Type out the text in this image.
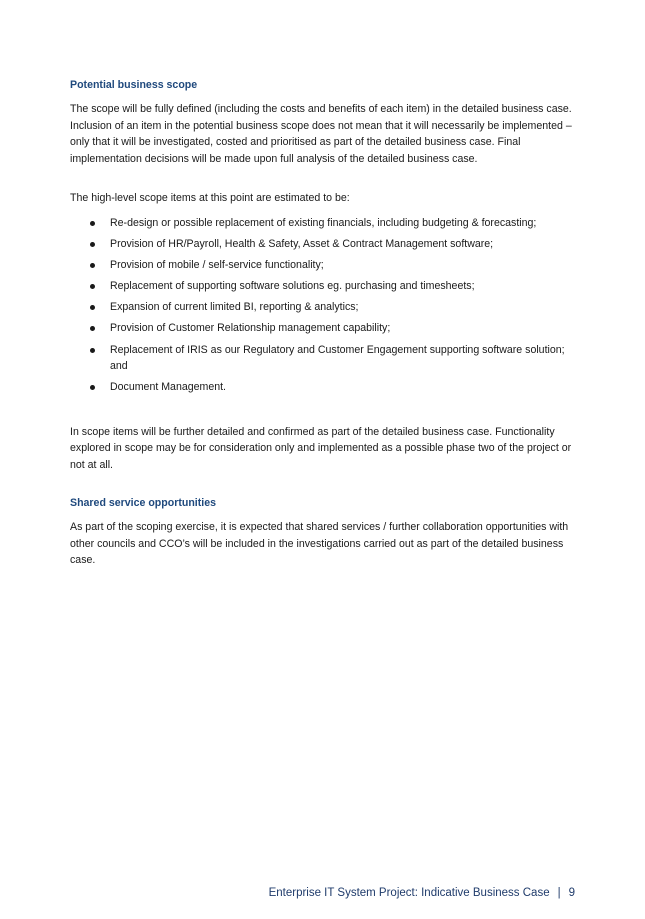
Potential business scope

The scope will be fully defined (including the costs and benefits of each item) in the detailed business case. Inclusion of an item in the potential business scope does not mean that it will necessarily be implemented – only that it will be investigated, costed and prioritised as part of the detailed business case. Final implementation decisions will be made upon full analysis of the detailed business case.

The high-level scope items at this point are estimated to be:

Re-design or possible replacement of existing financials, including budgeting & forecasting;
Provision of HR/Payroll, Health & Safety, Asset & Contract Management software;
Provision of mobile / self-service functionality;
Replacement of supporting software solutions eg. purchasing and timesheets;
Expansion of current limited BI, reporting & analytics;
Provision of Customer Relationship management capability;
Replacement of IRIS as our Regulatory and Customer Engagement supporting software solution; and
Document Management.

In scope items will be further detailed and confirmed as part of the detailed business case. Functionality explored in scope may be for consideration only and implemented as a possible phase two of the project or not at all.

Shared service opportunities

As part of the scoping exercise, it is expected that shared services / further collaboration opportunities with other councils and CCO’s will be included in the investigations carried out as part of the detailed business case.

Enterprise IT System Project: Indicative Business Case | 9
